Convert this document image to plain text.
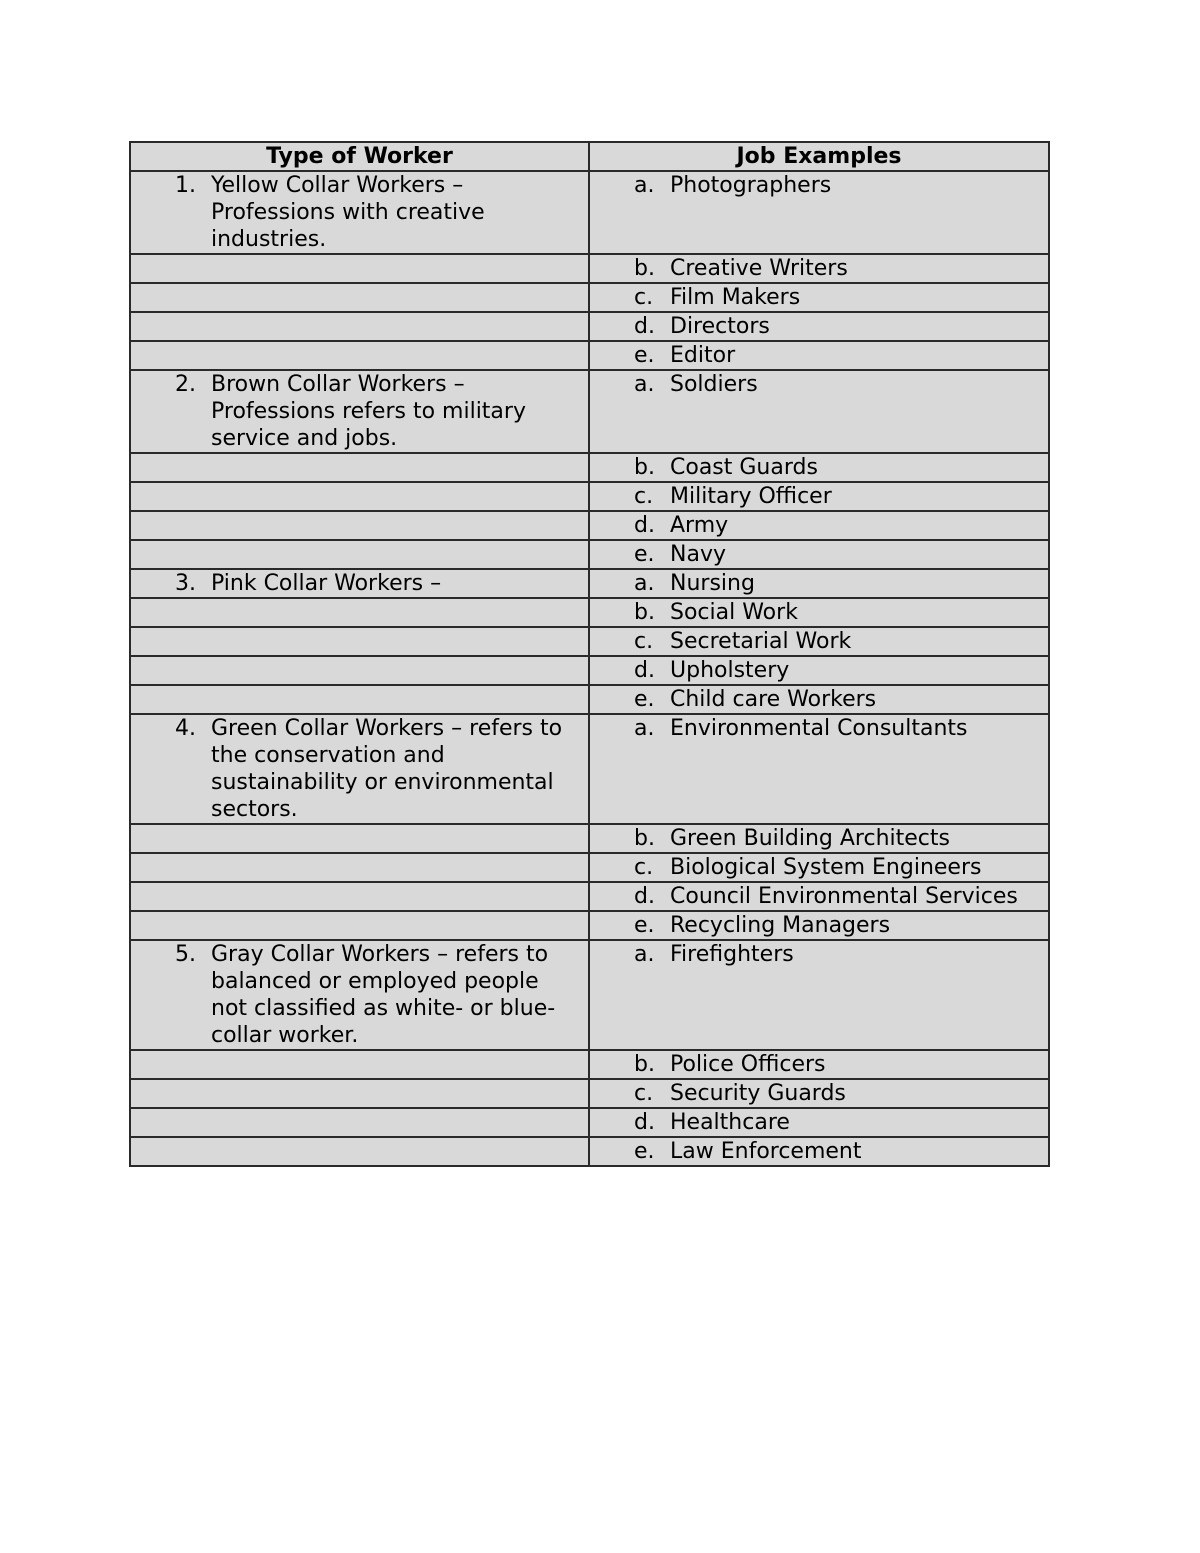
Type of Worker	Job Examples

1. Yellow Collar Workers – Professions with creative industries.	a. Photographers

	b. Creative Writers

	c. Film Makers

	d. Directors

	e. Editor

2. Brown Collar Workers – Professions refers to military service and jobs.	a. Soldiers

	b. Coast Guards

	c. Military Officer

	d. Army

	e. Navy

3. Pink Collar Workers –	a. Nursing

	b. Social Work

	c. Secretarial Work

	d. Upholstery

	e. Child care Workers

4. Green Collar Workers – refers to the conservation and sustainability or environmental sectors.	a. Environmental Consultants

	b. Green Building Architects

	c. Biological System Engineers

	d. Council Environmental Services

	e. Recycling Managers

5. Gray Collar Workers – refers to balanced or employed people not classified as white- or blue-collar worker.	a. Firefighters

	b. Police Officers

	c. Security Guards

	d. Healthcare

	e. Law Enforcement
